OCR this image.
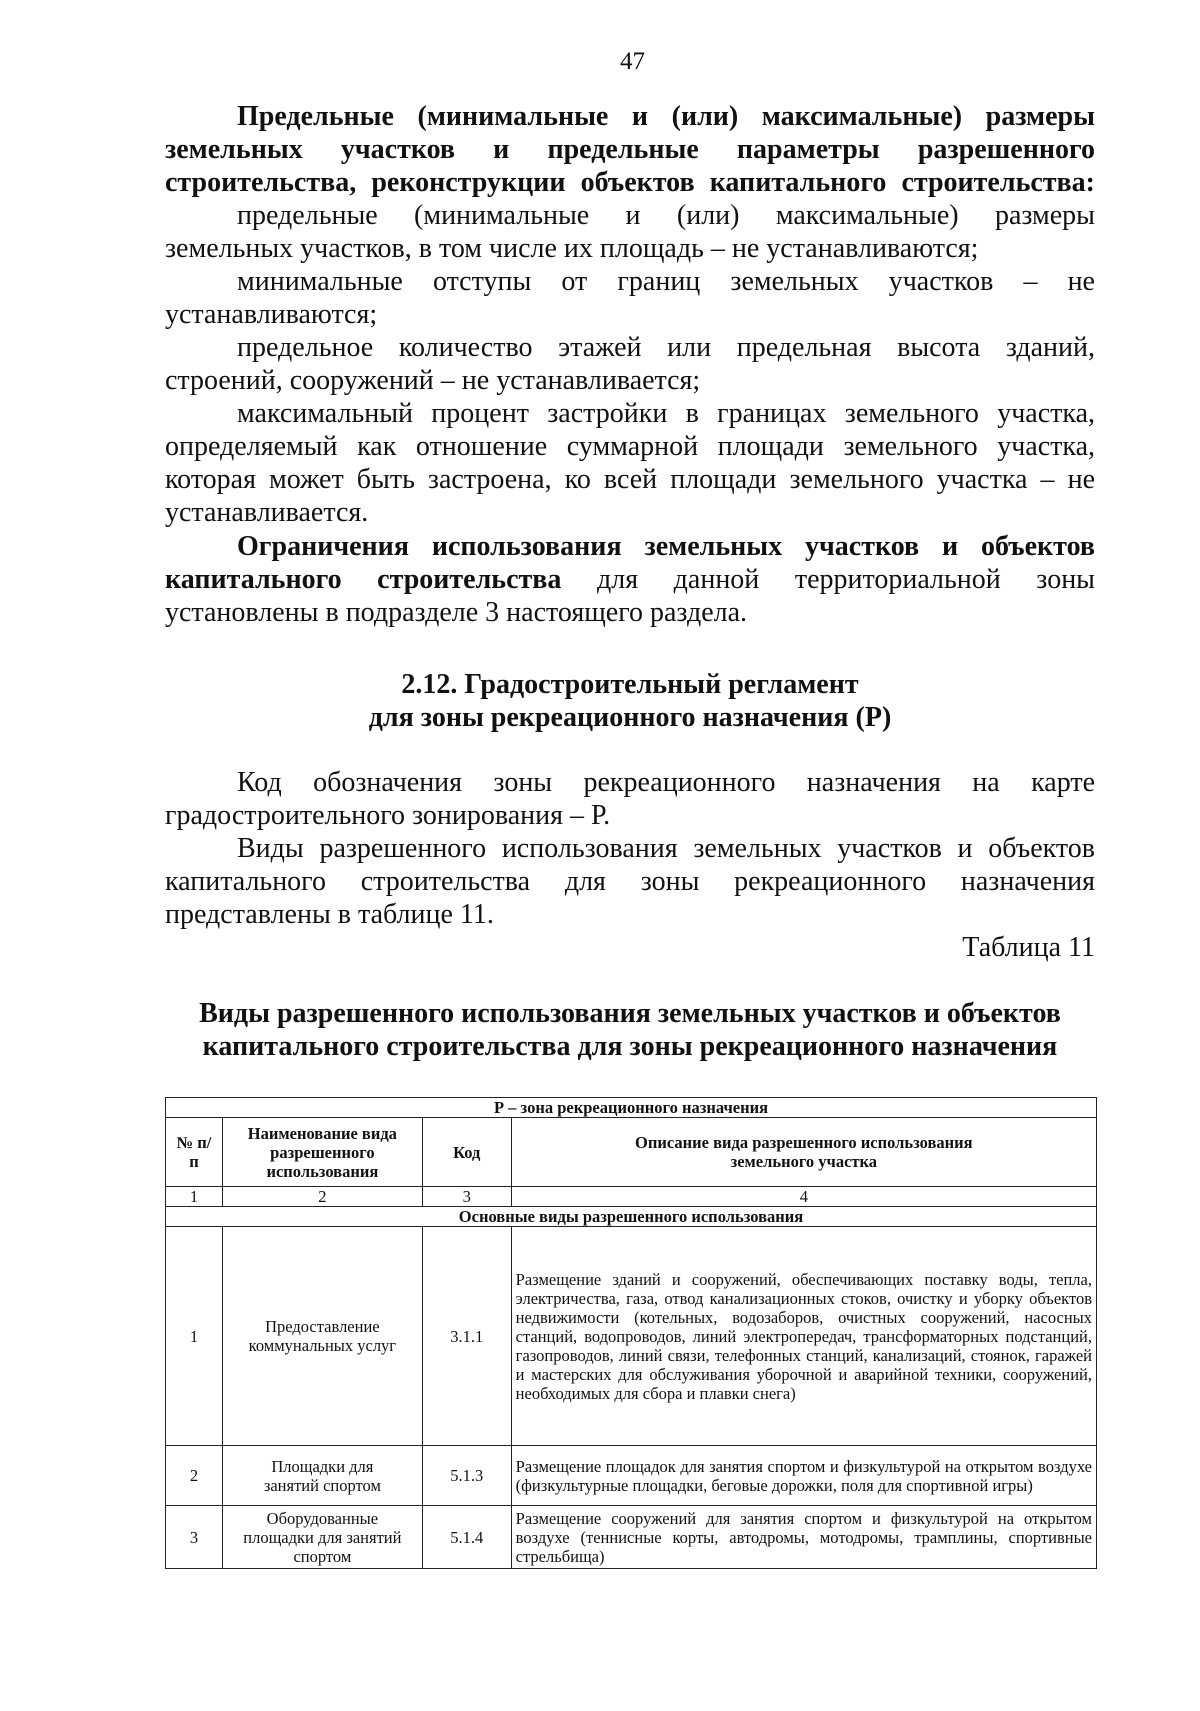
47

Предельные (минимальные и (или) максимальные) размеры

земельных участков и предельные параметры разрешенного

строительства, реконструкции объектов капитального строительства:

предельные (минимальные и (или) максимальные) размеры

земельных участков, в том числе их площадь – не устанавливаются;

минимальные отступы от границ земельных участков – не

устанавливаются;

предельное количество этажей или предельная высота зданий,

строений, сооружений – не устанавливается;

максимальный процент застройки в границах земельного участка,

определяемый как отношение суммарной площади земельного участка,

которая может быть застроена, ко всей площади земельного участка – не

устанавливается.

Ограничения использования земельных участков и объектов

капитального строительства для данной территориальной зоны

установлены в подразделе 3 настоящего раздела.

2.12. Градостроительный регламент

для зоны рекреационного назначения (Р)

Код обозначения зоны рекреационного назначения на карте

градостроительного зонирования – Р.

Виды разрешенного использования земельных участков и объектов

капитального строительства для зоны рекреационного назначения

представлены в таблице 11.

Таблица 11

Виды разрешенного использования земельных участков и объектов

капитального строительства для зоны рекреационного назначения

Р – зона рекреационного назначения			
№ п/п	Наименование вида разрешенного использования	Код	Описание вида разрешенного использования земельного участка
1	2	3	4
Основные виды разрешенного использования			
1	Предоставление коммунальных услуг	3.1.1	Размещение зданий и сооружений, обеспечивающих поставку воды, тепла, электричества, газа, отвод канализационных стоков, очистку и уборку объектов недвижимости (котельных, водозаборов, очистных сооружений, насосных станций, водопроводов, линий электропередач, трансформаторных подстанций, газопроводов, линий связи, телефонных станций, канализаций, стоянок, гаражей и мастерских для обслуживания уборочной и аварийной техники, сооружений, необходимых для сбора и плавки снега)
2	Площадки для занятий спортом	5.1.3	Размещение площадок для занятия спортом и физкультурой на открытом воздухе (физкультурные площадки, беговые дорожки, поля для спортивной игры)
3	Оборудованные площадки для занятий спортом	5.1.4	Размещение сооружений для занятия спортом и физкультурой на открытом воздухе (теннисные корты, автодромы, мотодромы, трамплины, спортивные стрельбища)
